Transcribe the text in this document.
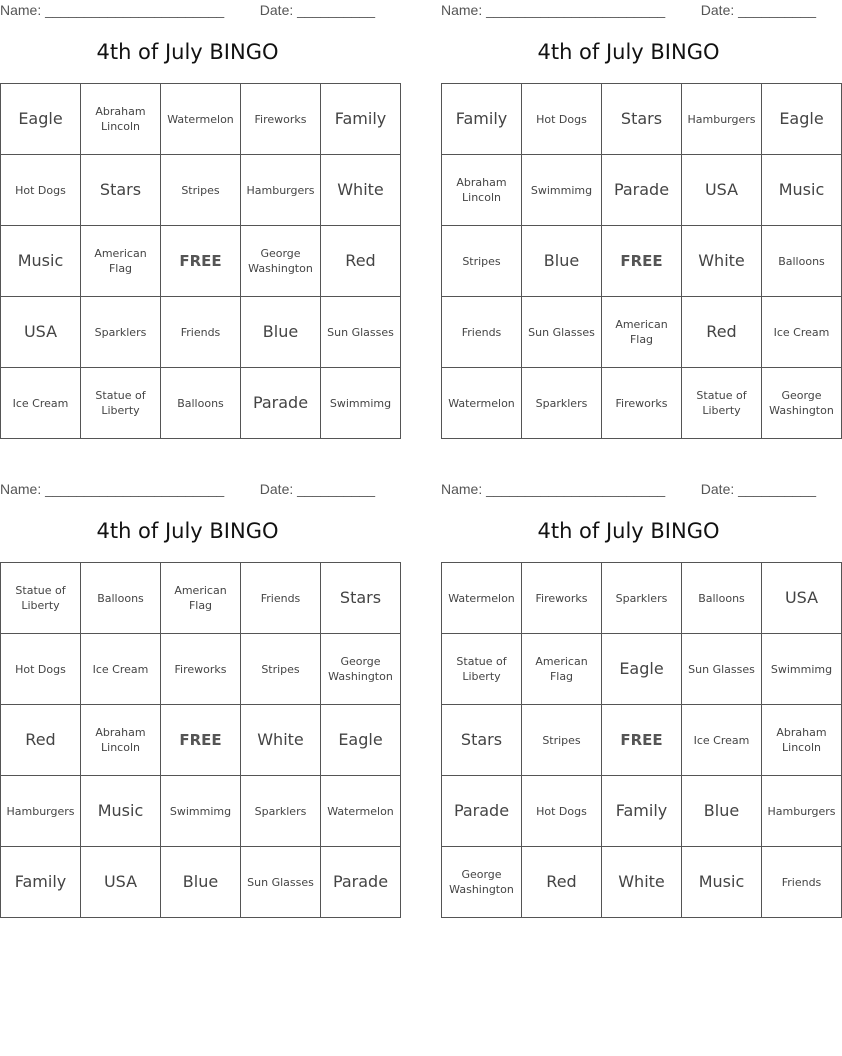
Name: _______________________	Date: __________
4th of July BINGO
Eagle	Abraham Lincoln	Watermelon	Fireworks	Family
Hot Dogs	Stars	Stripes	Hamburgers	White
Music	American Flag	FREE	George Washington	Red
USA	Sparklers	Friends	Blue	Sun Glasses
Ice Cream	Statue of Liberty	Balloons	Parade	Swimmimg
Name: _______________________	Date: __________
4th of July BINGO
Family	Hot Dogs	Stars	Hamburgers	Eagle
Abraham Lincoln	Swimmimg	Parade	USA	Music
Stripes	Blue	FREE	White	Balloons
Friends	Sun Glasses	American Flag	Red	Ice Cream
Watermelon	Sparklers	Fireworks	Statue of Liberty	George Washington
Name: _______________________	Date: __________
4th of July BINGO
Statue of Liberty	Balloons	American Flag	Friends	Stars
Hot Dogs	Ice Cream	Fireworks	Stripes	George Washington
Red	Abraham Lincoln	FREE	White	Eagle
Hamburgers	Music	Swimmimg	Sparklers	Watermelon
Family	USA	Blue	Sun Glasses	Parade
Name: _______________________	Date: __________
4th of July BINGO
Watermelon	Fireworks	Sparklers	Balloons	USA
Statue of Liberty	American Flag	Eagle	Sun Glasses	Swimmimg
Stars	Stripes	FREE	Ice Cream	Abraham Lincoln
Parade	Hot Dogs	Family	Blue	Hamburgers
George Washington	Red	White	Music	Friends
